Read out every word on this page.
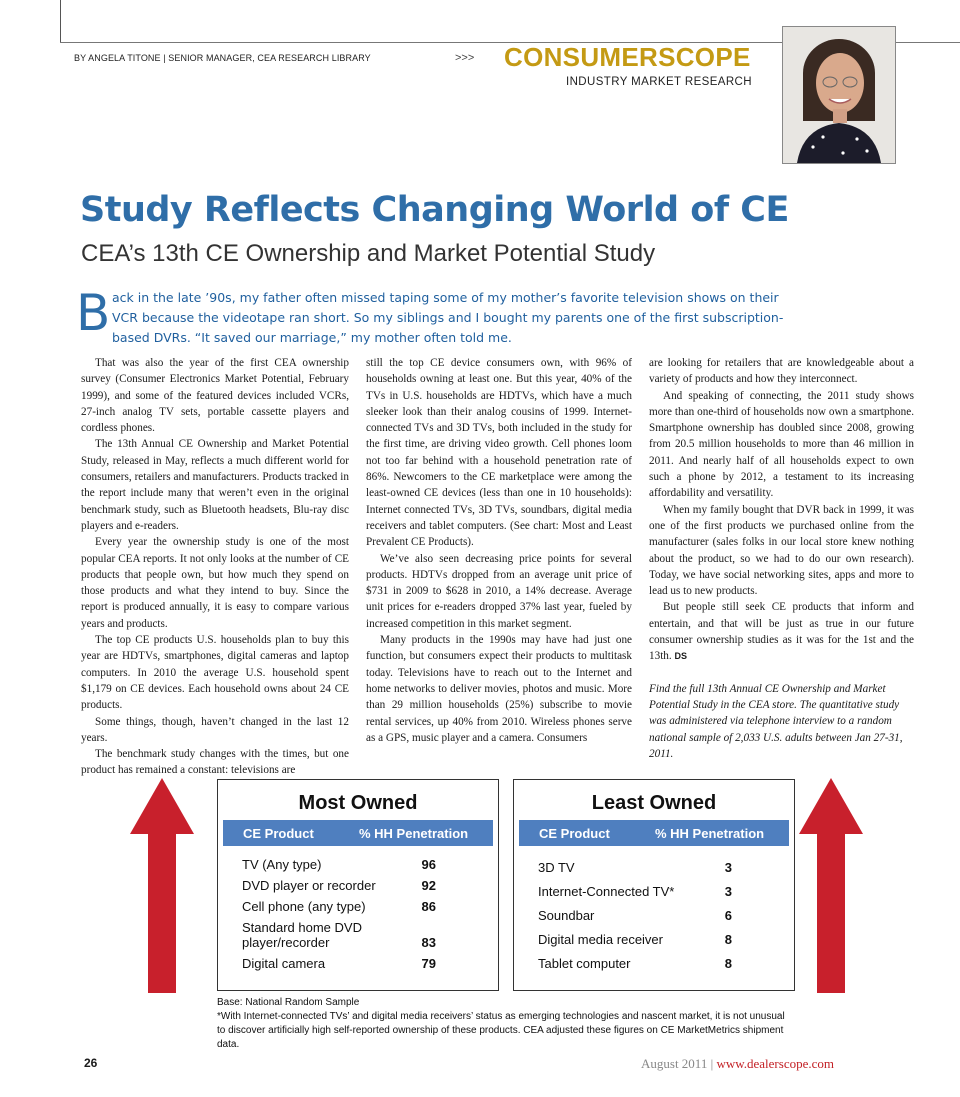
BY ANGELA TITONE | SENIOR MANAGER, CEA RESEARCH LIBRARY	>>> CONSUMERSCOPE
INDUSTRY MARKET RESEARCH
Study Reflects Changing World of CE
CEA’s 13th CE Ownership and Market Potential Study
B ack in the late ’90s, my father often missed taping some of my mother’s favorite television shows on their
VCR because the videotape ran short. So my siblings and I bought my parents one of the first subscription-
based DVRs. “It saved our marriage,” my mother often told me.

That was also the year of the first CEA ownership survey (Consumer Electronics Market Potential, February 1999), and some of the featured devices included VCRs, 27-inch analog TV sets, portable cassette players and cordless phones.

The 13th Annual CE Ownership and Market Potential Study, released in May, reflects a much different world for consumers, retailers and manufacturers. Products tracked in the report include many that weren’t even in the original benchmark study, such as Bluetooth headsets, Blu-ray disc players and e-readers.

Every year the ownership study is one of the most popular CEA reports. It not only looks at the number of CE products that people own, but how much they spend on those products and what they intend to buy. Since the report is produced annually, it is easy to compare various years and products.

The top CE products U.S. households plan to buy this year are HDTVs, smartphones, digital cameras and laptop computers. In 2010 the average U.S. household spent $1,179 on CE devices. Each household owns about 24 CE products.

Some things, though, haven’t changed in the last 12 years.

The benchmark study changes with the times, but one product has remained a constant: televisions are

still the top CE device consumers own, with 96% of households owning at least one. But this year, 40% of the TVs in U.S. households are HDTVs, which have a much sleeker look than their analog cousins of 1999. Internet-connected TVs and 3D TVs, both included in the study for the first time, are driving video growth. Cell phones loom not too far behind with a household penetration rate of 86%. Newcomers to the CE marketplace were among the least-owned CE devices (less than one in 10 households): Internet connected TVs, 3D TVs, soundbars, digital media receivers and tablet computers. (See chart: Most and Least Prevalent CE Products).

We’ve also seen decreasing price points for several products. HDTVs dropped from an average unit price of $731 in 2009 to $628 in 2010, a 14% decrease. Average unit prices for e-readers dropped 37% last year, fueled by increased competition in this market segment.

Many products in the 1990s may have had just one function, but consumers expect their products to multitask today. Televisions have to reach out to the Internet and home networks to deliver movies, photos and music. More than 29 million households (25%) subscribe to movie rental services, up 40% from 2010. Wireless phones serve as a GPS, music player and a camera. Consumers

are looking for retailers that are knowledgeable about a variety of products and how they interconnect.

And speaking of connecting, the 2011 study shows more than one-third of households now own a smartphone. Smartphone ownership has doubled since 2008, growing from 20.5 million households to more than 46 million in 2011. And nearly half of all households expect to own such a phone by 2012, a testament to its increasing affordability and versatility.

When my family bought that DVR back in 1999, it was one of the first products we purchased online from the manufacturer (sales folks in our local store knew nothing about the product, so we had to do our own research). Today, we have social networking sites, apps and more to lead us to new products.

But people still seek CE products that inform and entertain, and that will be just as true in our future consumer ownership studies as it was for the 1st and the 13th. DS

Find the full 13th Annual CE Ownership and Market Potential Study in the CEA store. The quantitative study was administered via telephone interview to a random national sample of 2,033 U.S. adults between Jan 27-31, 2011.

Most Owned
CE Product	% HH Penetration
TV (Any type)	96
DVD player or recorder	92
Cell phone (any type)	86
Standard home DVD player/recorder	83
Digital camera	79
Least Owned
CE Product	% HH Penetration
3D TV	3
Internet-Connected TV*	3
Soundbar	6
Digital media receiver	8
Tablet computer	8
Base: National Random Sample
*With Internet-connected TVs’ and digital media receivers’ status as emerging technologies and nascent market, it is not unusual to discover artificially high self-reported ownership of these products. CEA adjusted these figures on CE MarketMetrics shipment data.
26	August 2011 | www.dealerscope.com
